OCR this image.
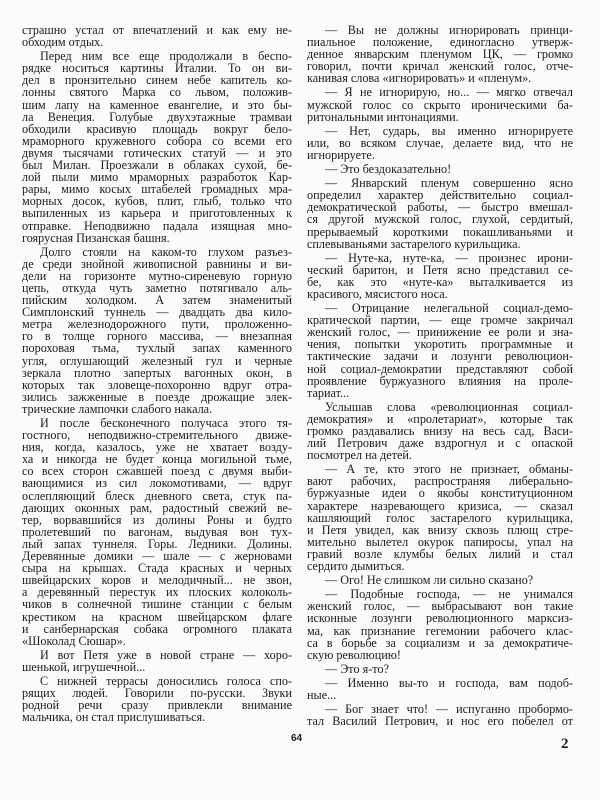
страшно устал от впечатлений и как ему не-
обходим отдых.
Перед ним все еще продолжали в беспо-
рядке носиться картины Италии. То он ви-
дел в пронзительно синем небе капитель ко-
лонны святого Марка со львом, положив-
шим лапу на каменное евангелие, и это бы-
ла Венеция. Голубые двухэтажные трамваи
обходили красивую площадь вокруг бело-
мраморного кружевного собора со всеми его
двумя тысячами готических статуй — и это
был Милан. Проезжали в облаках сухой, бе-
лой пыли мимо мраморных разработок Кар-
рары, мимо косых штабелей громадных мра-
морных досок, кубов, плит, глыб, только что
выпиленных из карьера и приготовленных к
отправке. Неподвижно падала изящная мно-
гоярусная Пизанская башня.
Долго стояли на каком-то глухом разъез-
де среди знойной живописной равнины и ви-
дели на горизонте мутно-сиреневую горную
цепь, откуда чуть заметно потягивало аль-
пийским холодком. А затем знаменитый
Симплонский туннель — двадцать два кило-
метра железнодорожного пути, проложенно-
го в толще горного массива, — внезапная
пороховая тьма, тухлый запах каменного
угля, оглушающий железный гул и черные
зеркала плотно запертых вагонных окон, в
которых так зловеще-похоронно вдруг отра-
зились зажженные в поезде дрожащие элек-
трические лампочки слабого накала.
И после бесконечного получаса этого тя-
гостного, неподвижно-стремительного движе-
ния, когда, казалось, уже не хватает возду-
ха и никогда не будет конца могильной тьме,
со всех сторон сжавшей поезд с двумя выби-
вающимися из сил локомотивами, — вдруг
ослепляющий блеск дневного света, стук па-
дающих оконных рам, радостный свежий ве-
тер, ворвавшийся из долины Роны и будто
пролетевший по вагонам, выдувая вон тух-
лый запах туннеля. Горы. Ледники. Долины.
Деревянные домики — шале — с жерновами
сыра на крышах. Стада красных и черных
швейцарских коров и мелодичный... не звон,
а деревянный перестук их плоских колоколь-
чиков в солнечной тишине станции с белым
крестиком на красном швейцарском флаге
и санбернарская собака огромного плаката
«Шоколад Сюшар».
И вот Петя уже в новой стране — хоро-
шенькой, игрушечной...
С нижней террасы доносились голоса спо-
рящих людей. Говорили по-русски. Звуки
родной речи сразу привлекли внимание
мальчика, он стал прислушиваться.
— Вы не должны игнорировать принци-
пиальное положение, единогласно утверж-
денное январским пленумом ЦК, — громко
говорил, почти кричал женский голос, отче-
канивая слова «игнорировать» и «пленум».
— Я не игнорирую, но... — мягко отвечал
мужской голос со скрыто ироническими ба-
ритональными интонациями.
— Нет, сударь, вы именно игнорируете
или, во всяком случае, делаете вид, что не
игнорируете.
— Это бездоказательно!
— Январский пленум совершенно ясно
определил характер действительно социал-
демократической работы, — быстро вмешал-
ся другой мужской голос, глухой, сердитый,
прерываемый короткими покашливаньями и
сплевываньями застарелого курильщика.
— Нуте-ка, нуте-ка, — произнес ирони-
ческий баритон, и Петя ясно представил се-
бе, как это «нуте-ка» выталкивается из
красивого, мясистого носа.
— Отрицание нелегальной социал-демо-
кратической партии, — еще громче закричал
женский голос, — принижение ее роли и зна-
чения, попытки укоротить программные и
тактические задачи и лозунги революцион-
ной социал-демократии представляют собой
проявление буржуазного влияния на проле-
тариат...
Услышав слова «революционная социал-
демократия» и «пролетариат», которые так
громко раздавались внизу на весь сад, Васи-
лий Петрович даже вздрогнул и с опаской
посмотрел на детей.
— А те, кто этого не признает, обманы-
вают рабочих, распространяя либерально-
буржуазные идеи о якобы конституционном
характере назревающего кризиса, — сказал
кашляющий голос застарелого курильщика,
и Петя увидел, как внизу сквозь плющ стре-
мительно вылетел окурок папиросы, упал на
гравий возле клумбы белых лилий и стал
сердито дымиться.
— Ого! Не слишком ли сильно сказано?
— Подобные господа, — не унимался
женский голос, — выбрасывают вон такие
исконные лозунги революционного марксиз-
ма, как признание гегемонии рабочего клас-
са в борьбе за социализм и за демократиче-
скую революцию!
— Это я-то?
— Именно вы-то и господа, вам подоб-
ные...
— Бог знает что! — испуганно пробормо-
тал Василий Петрович, и нос его побелел от
64	2
